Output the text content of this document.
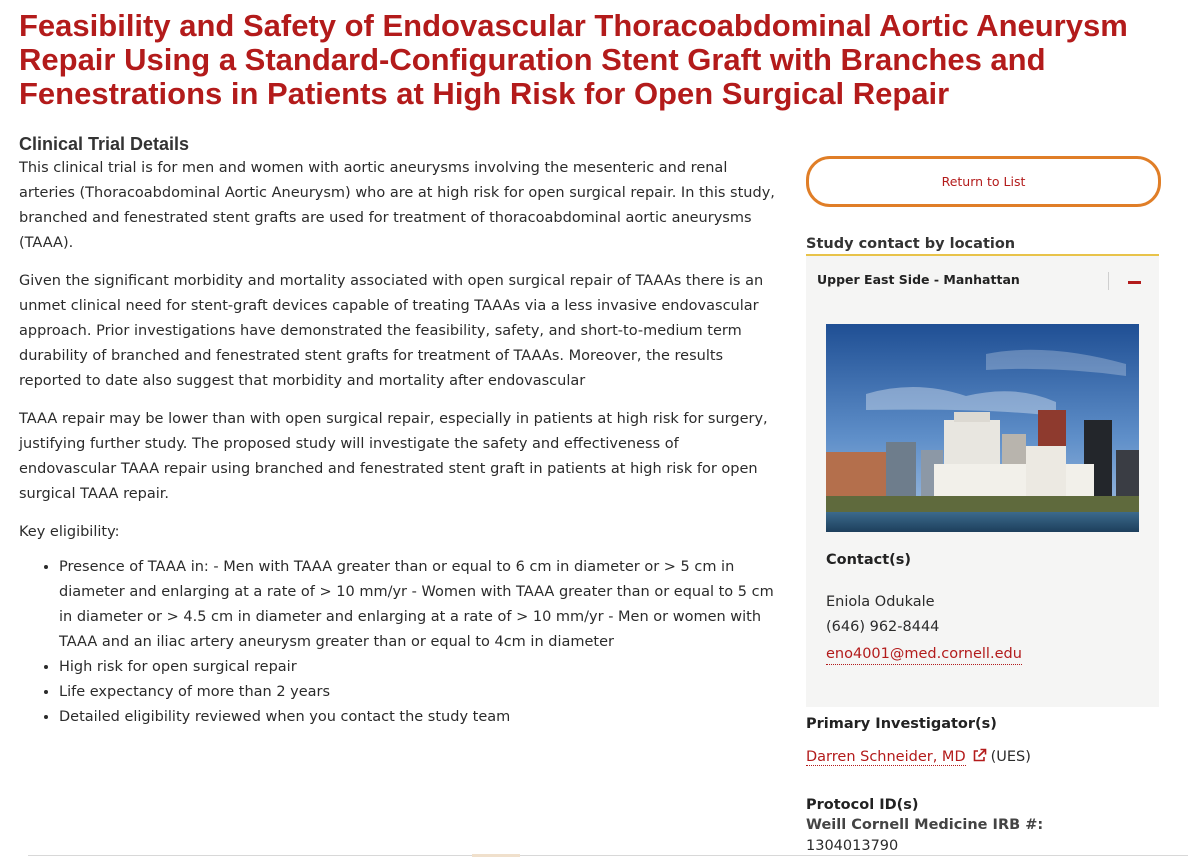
Feasibility and Safety of Endovascular Thoracoabdominal Aortic Aneurysm Repair Using a Standard-Configuration Stent Graft with Branches and Fenestrations in Patients at High Risk for Open Surgical Repair
Clinical Trial Details

This clinical trial is for men and women with aortic aneurysms involving the mesenteric and renal arteries (Thoracoabdominal Aortic Aneurysm) who are at high risk for open surgical repair. In this study, branched and fenestrated stent grafts are used for treatment of thoracoabdominal aortic aneurysms (TAAA).

Given the significant morbidity and mortality associated with open surgical repair of TAAAs there is an unmet clinical need for stent-graft devices capable of treating TAAAs via a less invasive endovascular approach. Prior investigations have demonstrated the feasibility, safety, and short-to-medium term durability of branched and fenestrated stent grafts for treatment of TAAAs. Moreover, the results reported to date also suggest that morbidity and mortality after endovascular

TAAA repair may be lower than with open surgical repair, especially in patients at high risk for surgery, justifying further study. The proposed study will investigate the safety and effectiveness of endovascular TAAA repair using branched and fenestrated stent graft in patients at high risk for open surgical TAAA repair.

Key eligibility:

• Presence of TAAA in: - Men with TAAA greater than or equal to 6 cm in diameter or > 5 cm in diameter and enlarging at a rate of > 10 mm/yr - Women with TAAA greater than or equal to 5 cm in diameter or > 4.5 cm in diameter and enlarging at a rate of > 10 mm/yr - Men or women with TAAA and an iliac artery aneurysm greater than or equal to 4cm in diameter
• High risk for open surgical repair
• Life expectancy of more than 2 years
• Detailed eligibility reviewed when you contact the study team
Return to List
Study contact by location
Upper East Side - Manhattan
Contact(s)
Eniola Odukale
(646) 962-8444
eno4001@med.cornell.edu
Primary Investigator(s)
Darren Schneider, MD (UES)
Protocol ID(s)
Weill Cornell Medicine IRB #:
1304013790
